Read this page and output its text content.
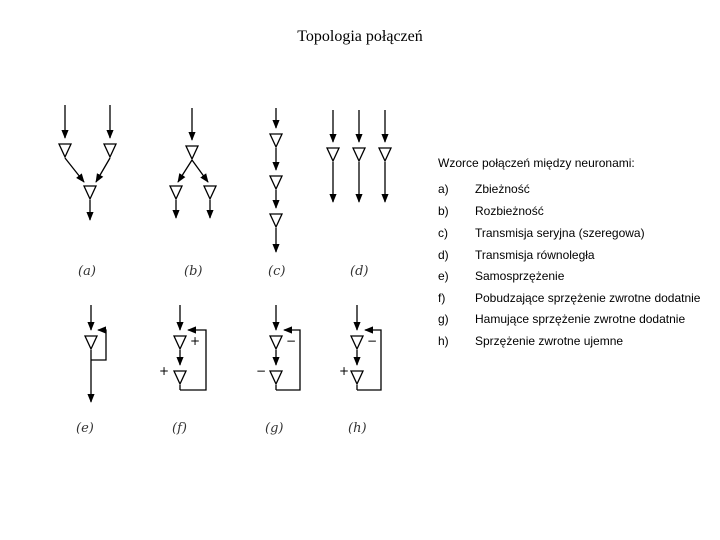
Topologia połączeń
+
+
−
−
−
+
(a)	(b)	(c)	(d)
(e)	(f)	(g)	(h)
Wzorce połączeń między neuronami:
a) Zbieżność
b) Rozbieżność
c) Transmisja seryjna (szeregowa)
d) Transmisja równoległa
e) Samosprzężenie
f) Pobudzające sprzężenie zwrotne dodatnie
g) Hamujące sprzężenie zwrotne dodatnie
h) Sprzężenie zwrotne ujemne
